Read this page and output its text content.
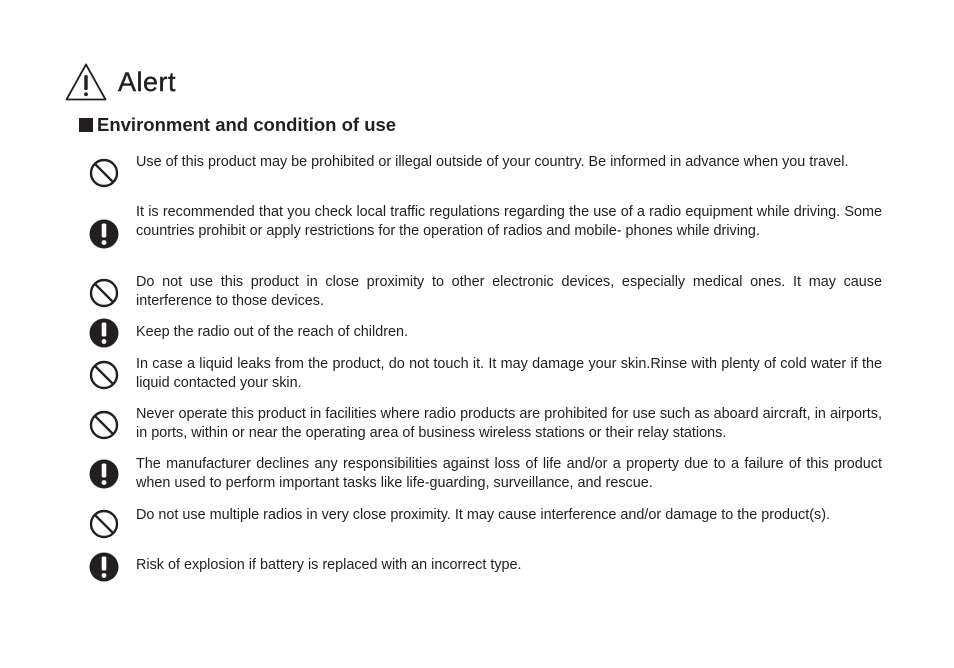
Alert
Environment and condition of use

Use of this product may be prohibited or illegal outside of your country. Be informed in advance when you travel.

It is recommended that you check local traffic regulations regarding the use of a radio equipment while driving. Some countries prohibit or apply restrictions for the operation of radios and mobile- phones while driving.

Do not use this product in close proximity to other electronic devices, especially medical ones. It may cause interference to those devices.

Keep the radio out of the reach of children.

In case a liquid leaks from the product, do not touch it. It may damage your skin.Rinse with plenty of cold water if the liquid contacted your skin.

Never operate this product in facilities where radio products are prohibited for use such as aboard aircraft, in airports, in ports, within or near the operating area of business wireless stations or their relay stations.

The manufacturer declines any responsibilities against loss of life and/or a property due to a failure of this product when used to perform important tasks like life-guarding, surveillance, and rescue.

Do not use multiple radios in very close proximity. It may cause interference and/or damage to the product(s).

Risk of explosion if battery is replaced with an incorrect type.
